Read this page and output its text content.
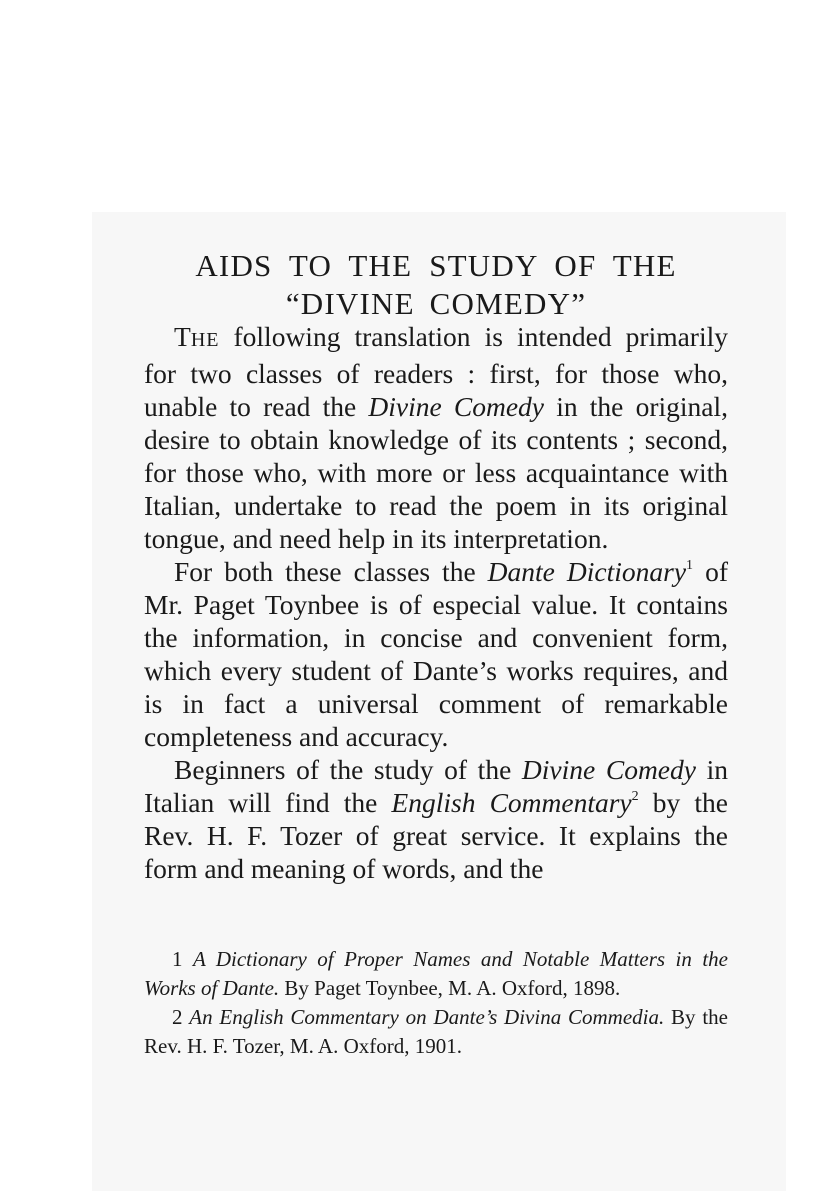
AIDS TO THE STUDY OF THE
“DIVINE COMEDY”

THE following translation is intended primarily for two classes of readers : first, for those who, unable to read the Divine Comedy in the original, desire to obtain knowledge of its contents ; second, for those who, with more or less acquaintance with Italian, undertake to read the poem in its original tongue, and need help in its interpretation.

For both these classes the Dante Dictionary$^1$ of Mr. Paget Toynbee is of especial value. It contains the information, in concise and convenient form, which every student of Dante’s works requires, and is in fact a universal comment of remarkable completeness and accuracy.

Beginners of the study of the Divine Comedy in Italian will find the English Commentary$^2$ by the Rev. H. F. Tozer of great service. It explains the form and meaning of words, and the

1 A Dictionary of Proper Names and Notable Matters in the Works of Dante. By Paget Toynbee, M. A. Oxford, 1898.

2 An English Commentary on Dante’s Divina Commedia. By the Rev. H. F. Tozer, M. A. Oxford, 1901.
